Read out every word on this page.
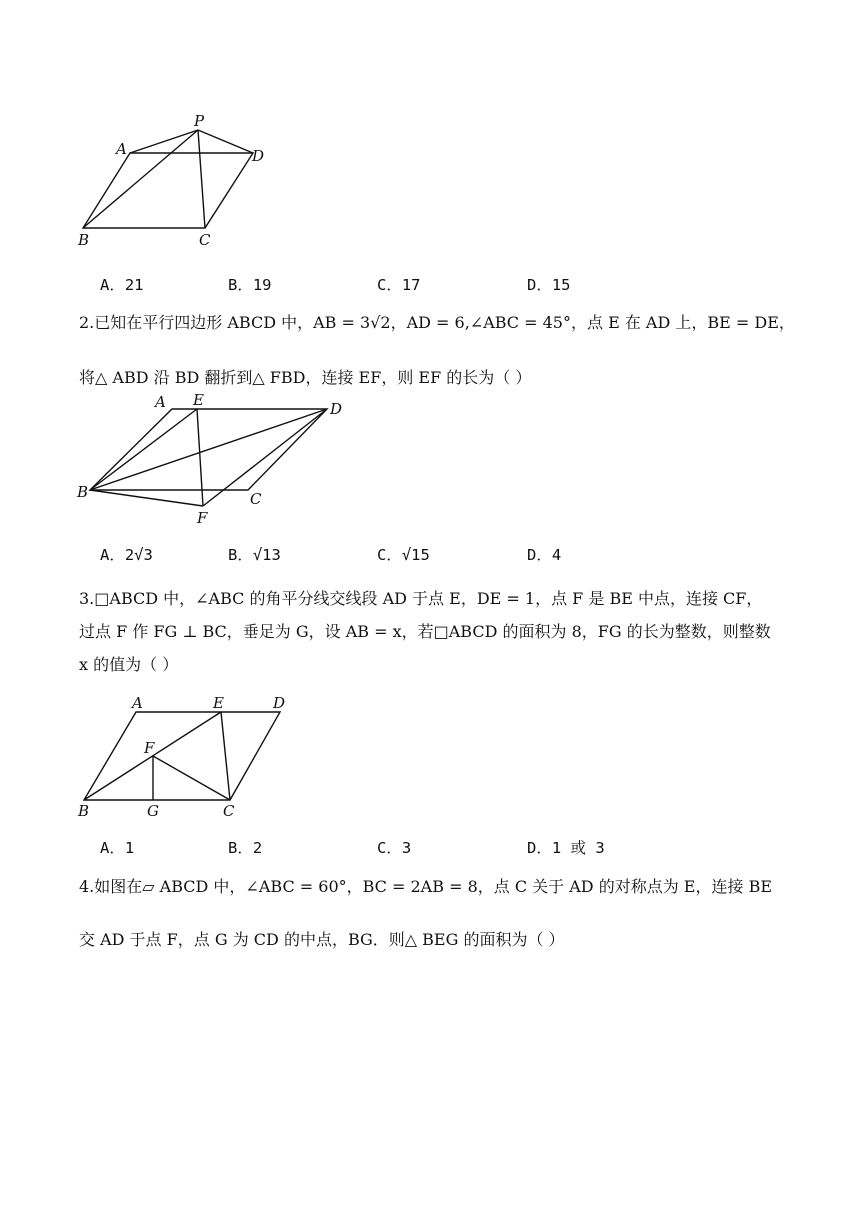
P
A	D
B	C
A．21	B．19	C．17	D．15
2.已知在平行四边形 ABCD 中，AB = 3√2，AD = 6,∠ABC = 45°，点 E 在 AD 上，BE = DE，
将△ ABD 沿 BD 翻折到△ FBD，连接 EF，则 EF 的长为（ ）
A E	D
B	C
F
A．2√3	B．√13	C．√15	D．4
3.□ABCD 中，∠ABC 的角平分线交线段 AD 于点 E，DE = 1，点 F 是 BE 中点，连接 CF，
过点 F 作 FG ⊥ BC，垂足为 G，设 AB = x，若□ABCD 的面积为 8，FG 的长为整数，则整数
x 的值为（ ）
A	E	D
F
B	G	C
A．1	B．2	C．3	D．1 或 3
4.如图在▱ ABCD 中，∠ABC = 60°，BC = 2AB = 8，点 C 关于 AD 的对称点为 E，连接 BE
交 AD 于点 F，点 G 为 CD 的中点，BG．则△ BEG 的面积为（ ）
